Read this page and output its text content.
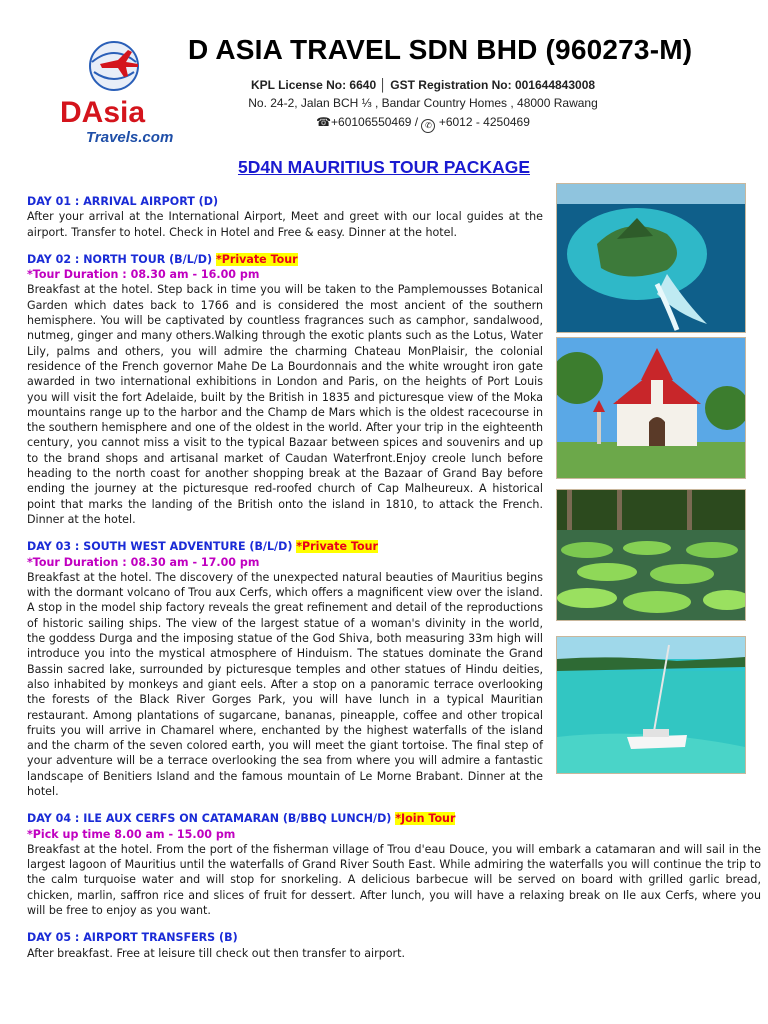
DAsia
Travels.com
D ASIA TRAVEL SDN BHD (960273-M)
KPL License No: 6640 │ GST Registration No: 001644843008
No. 24-2, Jalan BCH ⅓ , Bandar Country Homes , 48000 Rawang
☎+60106550469 / ✆ +6012 - 4250469
5D4N MAURITIUS TOUR PACKAGE

DAY 01 : ARRIVAL AIRPORT (D)

After your arrival at the International Airport, Meet and greet with our local guides at the airport. Transfer to hotel. Check in Hotel and Free & easy. Dinner at the hotel.

DAY 02 : NORTH TOUR (B/L/D) *Private Tour

*Tour Duration : 08.30 am - 16.00 pm

Breakfast at the hotel. Step back in time you will be taken to the Pamplemousses Botanical Garden which dates back to 1766 and is considered the most ancient of the southern hemisphere. You will be captivated by countless fragrances such as camphor, sandalwood, nutmeg, ginger and many others.Walking through the exotic plants such as the Lotus, Water Lily, palms and others, you will admire the charming Chateau MonPlaisir, the colonial residence of the French governor Mahe De La Bourdonnais and the white wrought iron gate awarded in two international exhibitions in London and Paris, on the heights of Port Louis you will visit the fort Adelaide, built by the British in 1835 and picturesque view of the Moka mountains range up to the harbor and the Champ de Mars which is the oldest racecourse in the southern hemisphere and one of the oldest in the world. After your trip in the eighteenth century, you cannot miss a visit to the typical Bazaar between spices and souvenirs and up to the brand shops and artisanal market of Caudan Waterfront.Enjoy creole lunch before heading to the north coast for another shopping break at the Bazaar of Grand Bay before ending the journey at the picturesque red-roofed church of Cap Malheureux. A historical point that marks the landing of the British onto the island in 1810, to attack the French. Dinner at the hotel.

DAY 03 : SOUTH WEST ADVENTURE (B/L/D) *Private Tour

*Tour Duration : 08.30 am - 17.00 pm

Breakfast at the hotel. The discovery of the unexpected natural beauties of Mauritius begins with the dormant volcano of Trou aux Cerfs, which offers a magnificent view over the island. A stop in the model ship factory reveals the great refinement and detail of the reproductions of historic sailing ships. The view of the largest statue of a woman's divinity in the world, the goddess Durga and the imposing statue of the God Shiva, both measuring 33m high will introduce you into the mystical atmosphere of Hinduism. The statues dominate the Grand Bassin sacred lake, surrounded by picturesque temples and other statues of Hindu deities, also inhabited by monkeys and giant eels. After a stop on a panoramic terrace overlooking the forests of the Black River Gorges Park, you will have lunch in a typical Mauritian restaurant. Among plantations of sugarcane, bananas, pineapple, coffee and other tropical fruits you will arrive in Chamarel where, enchanted by the highest waterfalls of the island and the charm of the seven colored earth, you will meet the giant tortoise. The final step of your adventure will be a terrace overlooking the sea from where you will admire a fantastic landscape of Benitiers Island and the famous mountain of Le Morne Brabant. Dinner at the hotel.

DAY 04 : ILE AUX CERFS ON CATAMARAN (B/BBQ LUNCH/D) *Join Tour

*Pick up time 8.00 am - 15.00 pm

Breakfast at the hotel. From the port of the fisherman village of Trou d'eau Douce, you will embark a catamaran and will sail in the largest lagoon of Mauritius until the waterfalls of Grand River South East. While admiring the waterfalls you will continue the trip to the calm turquoise water and will stop for snorkeling. A delicious barbecue will be served on board with grilled garlic bread, chicken, marlin, saffron rice and slices of fruit for dessert. After lunch, you will have a relaxing break on Ile aux Cerfs, where you will be free to enjoy as you want.

DAY 05 : AIRPORT TRANSFERS (B)

After breakfast. Free at leisure till check out then transfer to airport.
